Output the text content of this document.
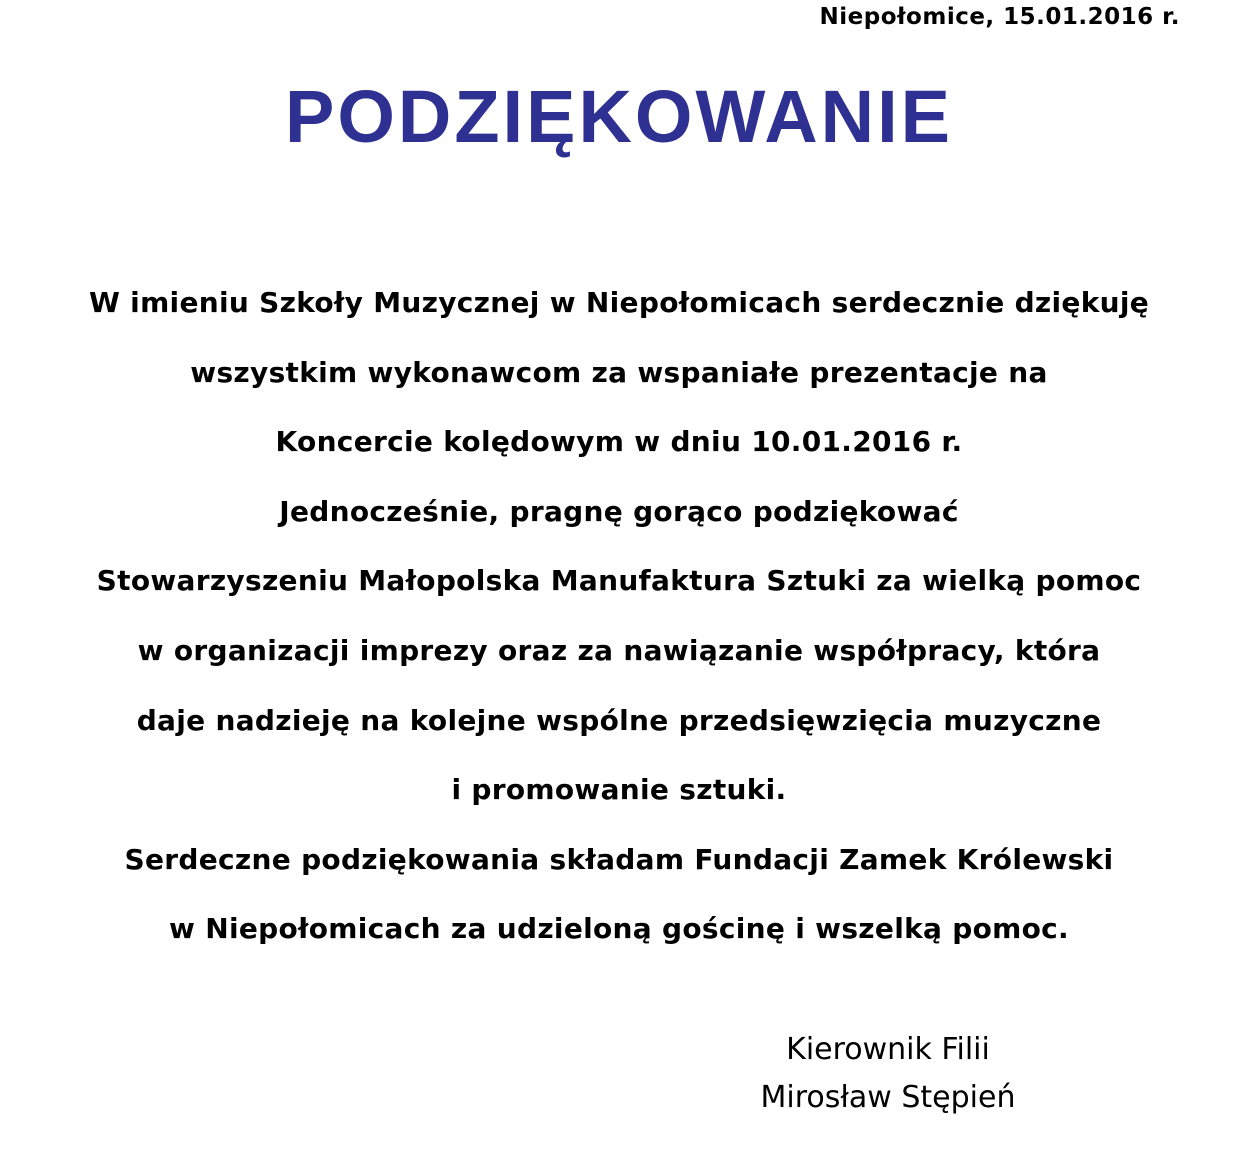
Niepołomice, 15.01.2016 r.
PODZIĘKOWANIE
W imieniu Szkoły Muzycznej w Niepołomicach serdecznie dziękuję
wszystkim wykonawcom za wspaniałe prezentacje na
Koncercie kolędowym w dniu 10.01.2016 r.
Jednocześnie, pragnę gorąco podziękować
Stowarzyszeniu Małopolska Manufaktura Sztuki za wielką pomoc
w organizacji imprezy oraz za nawiązanie współpracy, która
daje nadzieję na kolejne wspólne przedsięwzięcia muzyczne
i promowanie sztuki.
Serdeczne podziękowania składam Fundacji Zamek Królewski
w Niepołomicach za udzieloną gościnę i wszelką pomoc.
Kierownik Filii
Mirosław Stępień
